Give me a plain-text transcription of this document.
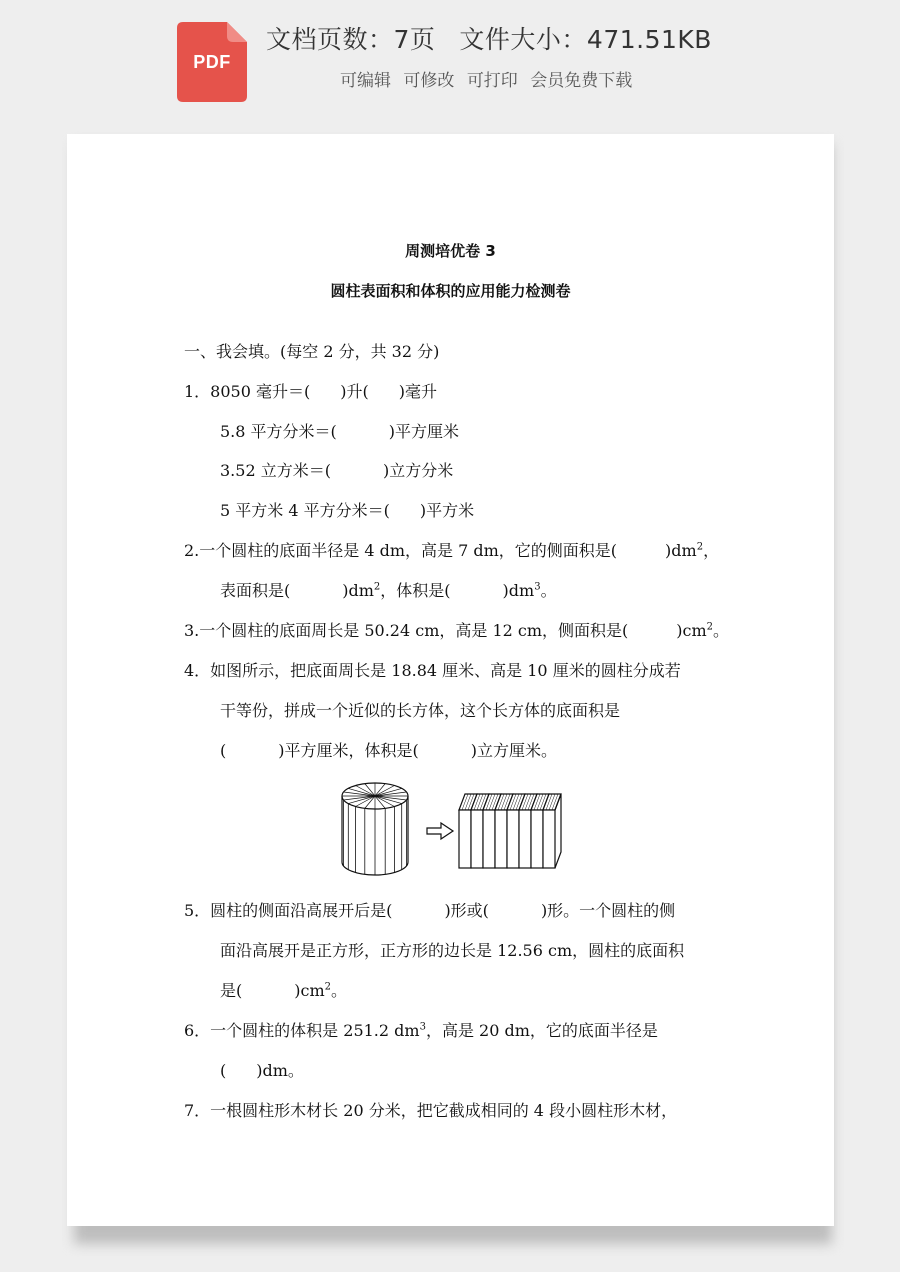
PDF
文档页数：7页 文件大小：471.51KB
可编辑 可修改 可打印 会员免费下载
周测培优卷 3
圆柱表面积和体积的应用能力检测卷
一、我会填。(每空 2 分，共 32 分)
1．8050 毫升＝( )升( )毫升
5.8 平方分米＝(	)平方厘米
3.52 立方米＝(	)立方分米
5 平方米 4 平方分米＝( )平方米
2.一个圆柱的底面半径是 4 dm，高是 7 dm，它的侧面积是(	)$dm^2$，
表面积是(	)$dm^2$，体积是(	)$dm^3$。
3.一个圆柱的底面周长是 50.24 cm，高是 12 cm，侧面积是(	)$cm^2$。
4．如图所示，把底面周长是 18.84 厘米、高是 10 厘米的圆柱分成若
干等份，拼成一个近似的长方体，这个长方体的底面积是
(	)平方厘米，体积是(	)立方厘米。
5．圆柱的侧面沿高展开后是(	)形或(	)形。一个圆柱的侧
面沿高展开是正方形，正方形的边长是 12.56 cm，圆柱的底面积
是(	)$cm^2$。
6．一个圆柱的体积是 251.2 $dm^3$，高是 20 dm，它的底面半径是
( )dm。
7．一根圆柱形木材长 20 分米，把它截成相同的 4 段小圆柱形木材，
